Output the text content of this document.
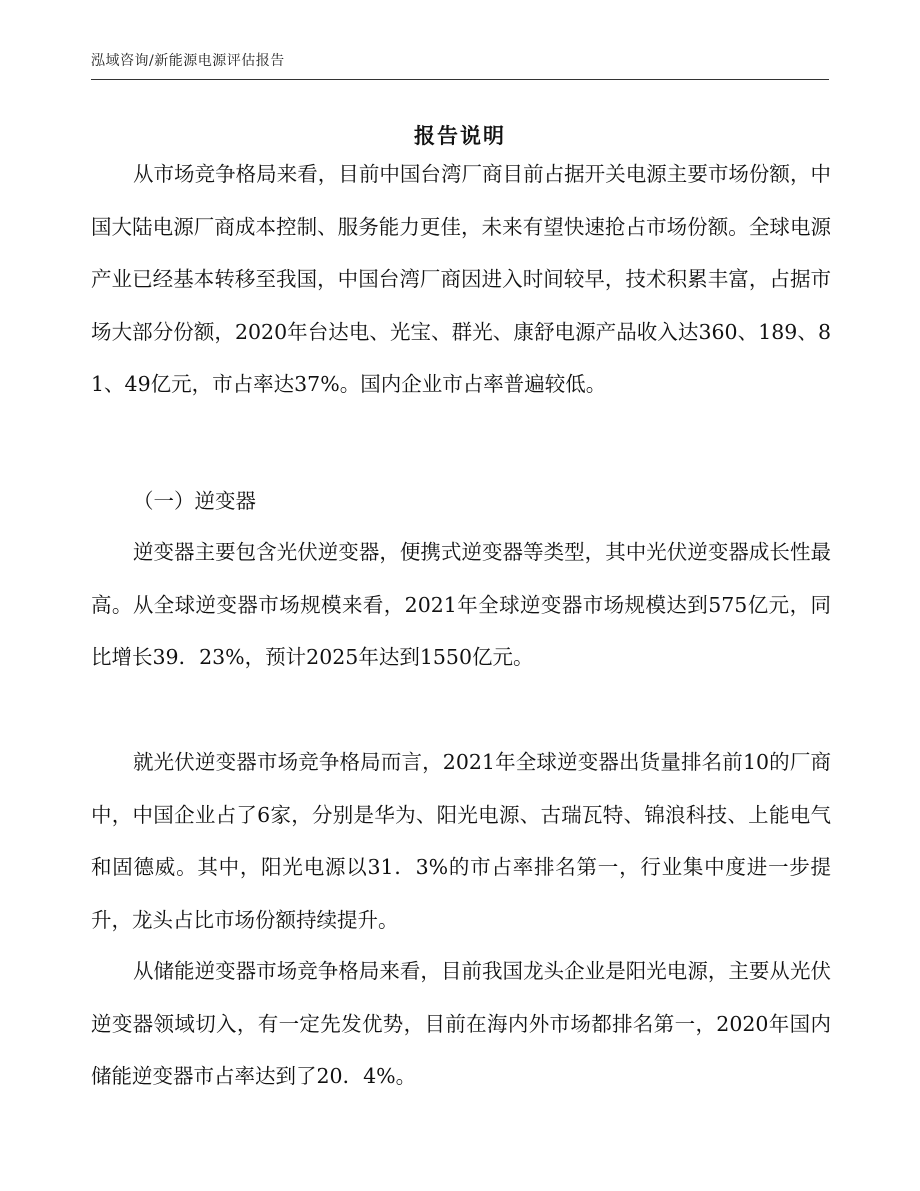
泓域咨询/新能源电源评估报告
报告说明

从市场竞争格局来看，目前中国台湾厂商目前占据开关电源主要市场份额，中国大陆电源厂商成本控制、服务能力更佳，未来有望快速抢占市场份额。全球电源产业已经基本转移至我国，中国台湾厂商因进入时间较早，技术积累丰富，占据市场大部分份额，2020年台达电、光宝、群光、康舒电源产品收入达360、189、81、49亿元，市占率达37%。国内企业市占率普遍较低。

（一）逆变器

逆变器主要包含光伏逆变器，便携式逆变器等类型，其中光伏逆变器成长性最高。从全球逆变器市场规模来看，2021年全球逆变器市场规模达到575亿元，同比增长39．23%，预计2025年达到1550亿元。

就光伏逆变器市场竞争格局而言，2021年全球逆变器出货量排名前10的厂商中，中国企业占了6家，分别是华为、阳光电源、古瑞瓦特、锦浪科技、上能电气和固德威。其中，阳光电源以31．3%的市占率排名第一，行业集中度进一步提升，龙头占比市场份额持续提升。

从储能逆变器市场竞争格局来看，目前我国龙头企业是阳光电源，主要从光伏逆变器领域切入，有一定先发优势，目前在海内外市场都排名第一，2020年国内储能逆变器市占率达到了20．4%。
